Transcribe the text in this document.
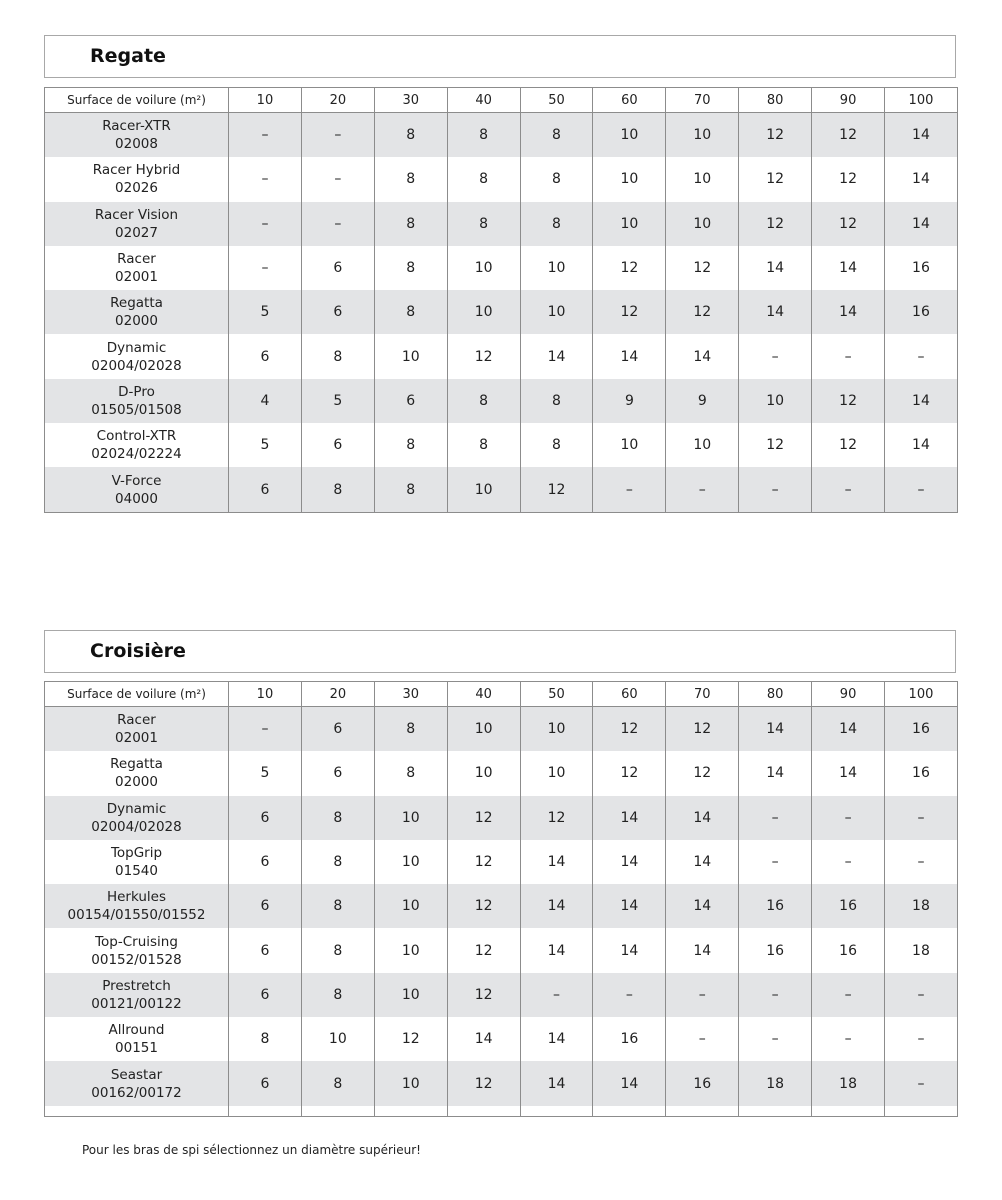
Regate
Surface de voilure (m²)	10	20	30	40	50	60	70	80	90	100

Racer-XTR
02008	–	–	8	8	8	10	10	12	12	14

Racer Hybrid
02026	–	–	8	8	8	10	10	12	12	14

Racer Vision
02027	–	–	8	8	8	10	10	12	12	14

Racer
02001	–	6	8	10	10	12	12	14	14	16

Regatta
02000	5	6	8	10	10	12	12	14	14	16

Dynamic
02004/02028	6	8	10	12	14	14	14	–	–	–

D-Pro
01505/01508	4	5	6	8	8	9	9	10	12	14

Control-XTR
02024/02224	5	6	8	8	8	10	10	12	12	14

V-Force
04000	6	8	8	10	12	–	–	–	–	–
Croisière
Surface de voilure (m²)	10	20	30	40	50	60	70	80	90	100

Racer
02001	–	6	8	10	10	12	12	14	14	16

Regatta
02000	5	6	8	10	10	12	12	14	14	16

Dynamic
02004/02028	6	8	10	12	12	14	14	–	–	–

TopGrip
01540	6	8	10	12	14	14	14	–	–	–

Herkules
00154/01550/01552	6	8	10	12	14	14	14	16	16	18

Top-Cruising
00152/01528	6	8	10	12	14	14	14	16	16	18

Prestretch
00121/00122	6	8	10	12	–	–	–	–	–	–

Allround
00151	8	10	12	14	14	16	–	–	–	–

Seastar
00162/00172	6	8	10	12	14	14	16	18	18	–

Pour les bras de spi sélectionnez un diamètre supérieur!
